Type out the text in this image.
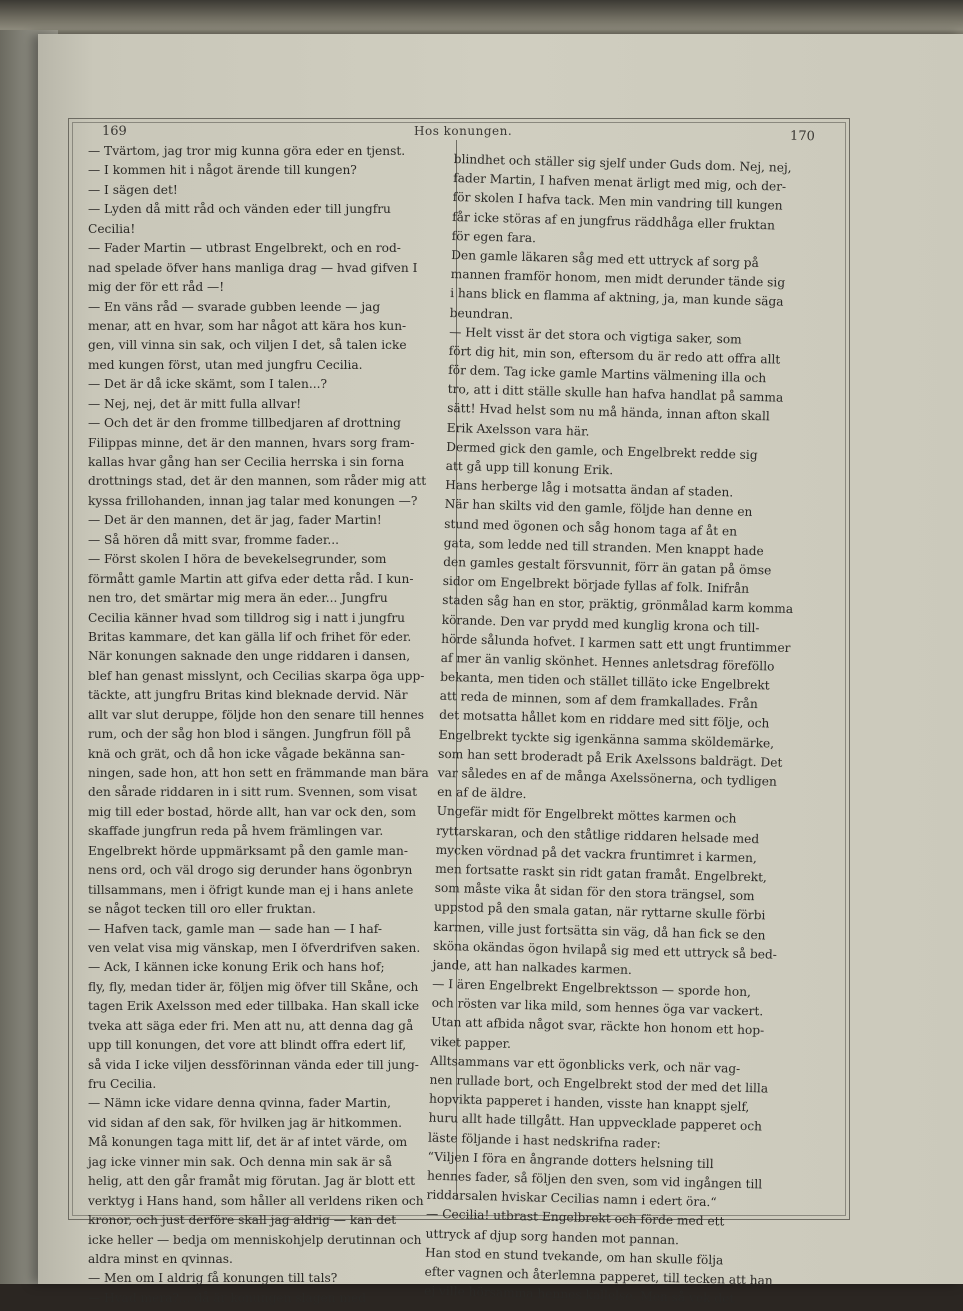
169	Hos konungen.	170

— Tvärtom, jag tror mig kunna göra eder en tjenst.

— I kommen hit i något ärende till kungen?

— I sägen det!

— Lyden då mitt råd och vänden eder till jungfru

Cecilia!

— Fader Martin — utbrast Engelbrekt, och en rod-

nad spelade öfver hans manliga drag — hvad gifven I

mig der för ett råd —!

— En väns råd — svarade gubben leende — jag

menar, att en hvar, som har något att kära hos kun-

gen, vill vinna sin sak, och viljen I det, så talen icke

med kungen först, utan med jungfru Cecilia.

— Det är då icke skämt, som I talen...?

— Nej, nej, det är mitt fulla allvar!

— Och det är den fromme tillbedjaren af drottning

Filippas minne, det är den mannen, hvars sorg fram-

kallas hvar gång han ser Cecilia herrska i sin forna

drottnings stad, det är den mannen, som råder mig att

kyssa frillohanden, innan jag talar med konungen —?

— Det är den mannen, det är jag, fader Martin!

— Så hören då mitt svar, fromme fader...

— Först skolen I höra de bevekelsegrunder, som

förmått gamle Martin att gifva eder detta råd. I kun-

nen tro, det smärtar mig mera än eder... Jungfru

Cecilia känner hvad som tilldrog sig i natt i jungfru

Britas kammare, det kan gälla lif och frihet för eder.

När konungen saknade den unge riddaren i dansen,

blef han genast misslynt, och Cecilias skarpa öga upp-

täckte, att jungfru Britas kind bleknade dervid. När

allt var slut deruppe, följde hon den senare till hennes

rum, och der såg hon blod i sängen. Jungfrun föll på

knä och grät, och då hon icke vågade bekänna san-

ningen, sade hon, att hon sett en främmande man bära

den sårade riddaren in i sitt rum. Svennen, som visat

mig till eder bostad, hörde allt, han var ock den, som

skaffade jungfrun reda på hvem främlingen var.

Engelbrekt hörde uppmärksamt på den gamle man-

nens ord, och väl drogo sig derunder hans ögonbryn

tillsammans, men i öfrigt kunde man ej i hans anlete

se något tecken till oro eller fruktan.

— Hafven tack, gamle man — sade han — I haf-

ven velat visa mig vänskap, men I öfverdrifven saken.

— Ack, I kännen icke konung Erik och hans hof;

fly, fly, medan tider är, följen mig öfver till Skåne, och

tagen Erik Axelsson med eder tillbaka. Han skall icke

tveka att säga eder fri. Men att nu, att denna dag gå

upp till konungen, det vore att blindt offra edert lif,

så vida I icke viljen dessförinnan vända eder till jung-

fru Cecilia.

— Nämn icke vidare denna qvinna, fader Martin,

vid sidan af den sak, för hvilken jag är hitkommen.

Må konungen taga mitt lif, det är af intet värde, om

jag icke vinner min sak. Och denna min sak är så

helig, att den går framåt mig förutan. Jag är blott ett

verktyg i Hans hand, som håller all verldens riken och

kronor, och just derföre skall jag aldrig — kan det

icke heller — bedja om menniskohjelp derutinnan och

aldra minst en qvinnas.

— Men om I aldrig få konungen till tals?

— Hvad mera?... då är konungen slagen med

blindhet och ställer sig sjelf under Guds dom. Nej, nej,

fader Martin, I hafven menat ärligt med mig, och der-

för skolen I hafva tack. Men min vandring till kungen

får icke störas af en jungfrus räddhåga eller fruktan

för egen fara.

Den gamle läkaren såg med ett uttryck af sorg på

mannen framför honom, men midt derunder tände sig

i hans blick en flamma af aktning, ja, man kunde säga

beundran.

— Helt visst är det stora och vigtiga saker, som

fört dig hit, min son, eftersom du är redo att offra allt

för dem. Tag icke gamle Martins välmening illa och

tro, att i ditt ställe skulle han hafva handlat på samma

sätt! Hvad helst som nu må hända, innan afton skall

Erik Axelsson vara här.

Dermed gick den gamle, och Engelbrekt redde sig

att gå upp till konung Erik.

Hans herberge låg i motsatta ändan af staden.

När han skilts vid den gamle, följde han denne en

stund med ögonen och såg honom taga af åt en

gata, som ledde ned till stranden. Men knappt hade

den gamles gestalt försvunnit, förr än gatan på ömse

sidor om Engelbrekt började fyllas af folk. Inifrån

staden såg han en stor, präktig, grönmålad karm komma

körande. Den var prydd med kunglig krona och till-

hörde sålunda hofvet. I karmen satt ett ungt fruntimmer

af mer än vanlig skönhet. Hennes anletsdrag föreföllo

bekanta, men tiden och stället tilläto icke Engelbrekt

att reda de minnen, som af dem framkallades. Från

det motsatta hållet kom en riddare med sitt följe, och

Engelbrekt tyckte sig igenkänna samma sköldemärke,

som han sett broderadt på Erik Axelssons baldrägt. Det

var således en af de många Axelssönerna, och tydligen

en af de äldre.

Ungefär midt för Engelbrekt möttes karmen och

ryttarskaran, och den ståtlige riddaren helsade med

mycken vördnad på det vackra fruntimret i karmen,

men fortsatte raskt sin ridt gatan framåt. Engelbrekt,

som måste vika åt sidan för den stora trängsel, som

uppstod på den smala gatan, när ryttarne skulle förbi

karmen, ville just fortsätta sin väg, då han fick se den

sköna okändas ögon hvilapå sig med ett uttryck så bed-

jande, att han nalkades karmen.

— I ären Engelbrekt Engelbrektsson — sporde hon,

och rösten var lika mild, som hennes öga var vackert.

Utan att afbida något svar, räckte hon honom ett hop-

viket papper.

Alltsammans var ett ögonblicks verk, och när vag-

nen rullade bort, och Engelbrekt stod der med det lilla

hopvikta papperet i handen, visste han knappt sjelf,

huru allt hade tillgått. Han uppvecklade papperet och

läste följande i hast nedskrifna rader:

“Viljen I föra en ångrande dotters helsning till

hennes fader, så följen den sven, som vid ingången till

riddarsalen hviskar Cecilias namn i edert öra.“

— Cecilia! utbrast Engelbrekt och förde med ett

uttryck af djup sorg handen mot pannan.

Han stod en stund tvekande, om han skulle följa

efter vagnen och återlemna papperet, till tecken att han

ej ville hörsamma hennes kallelse. Men så vek det
